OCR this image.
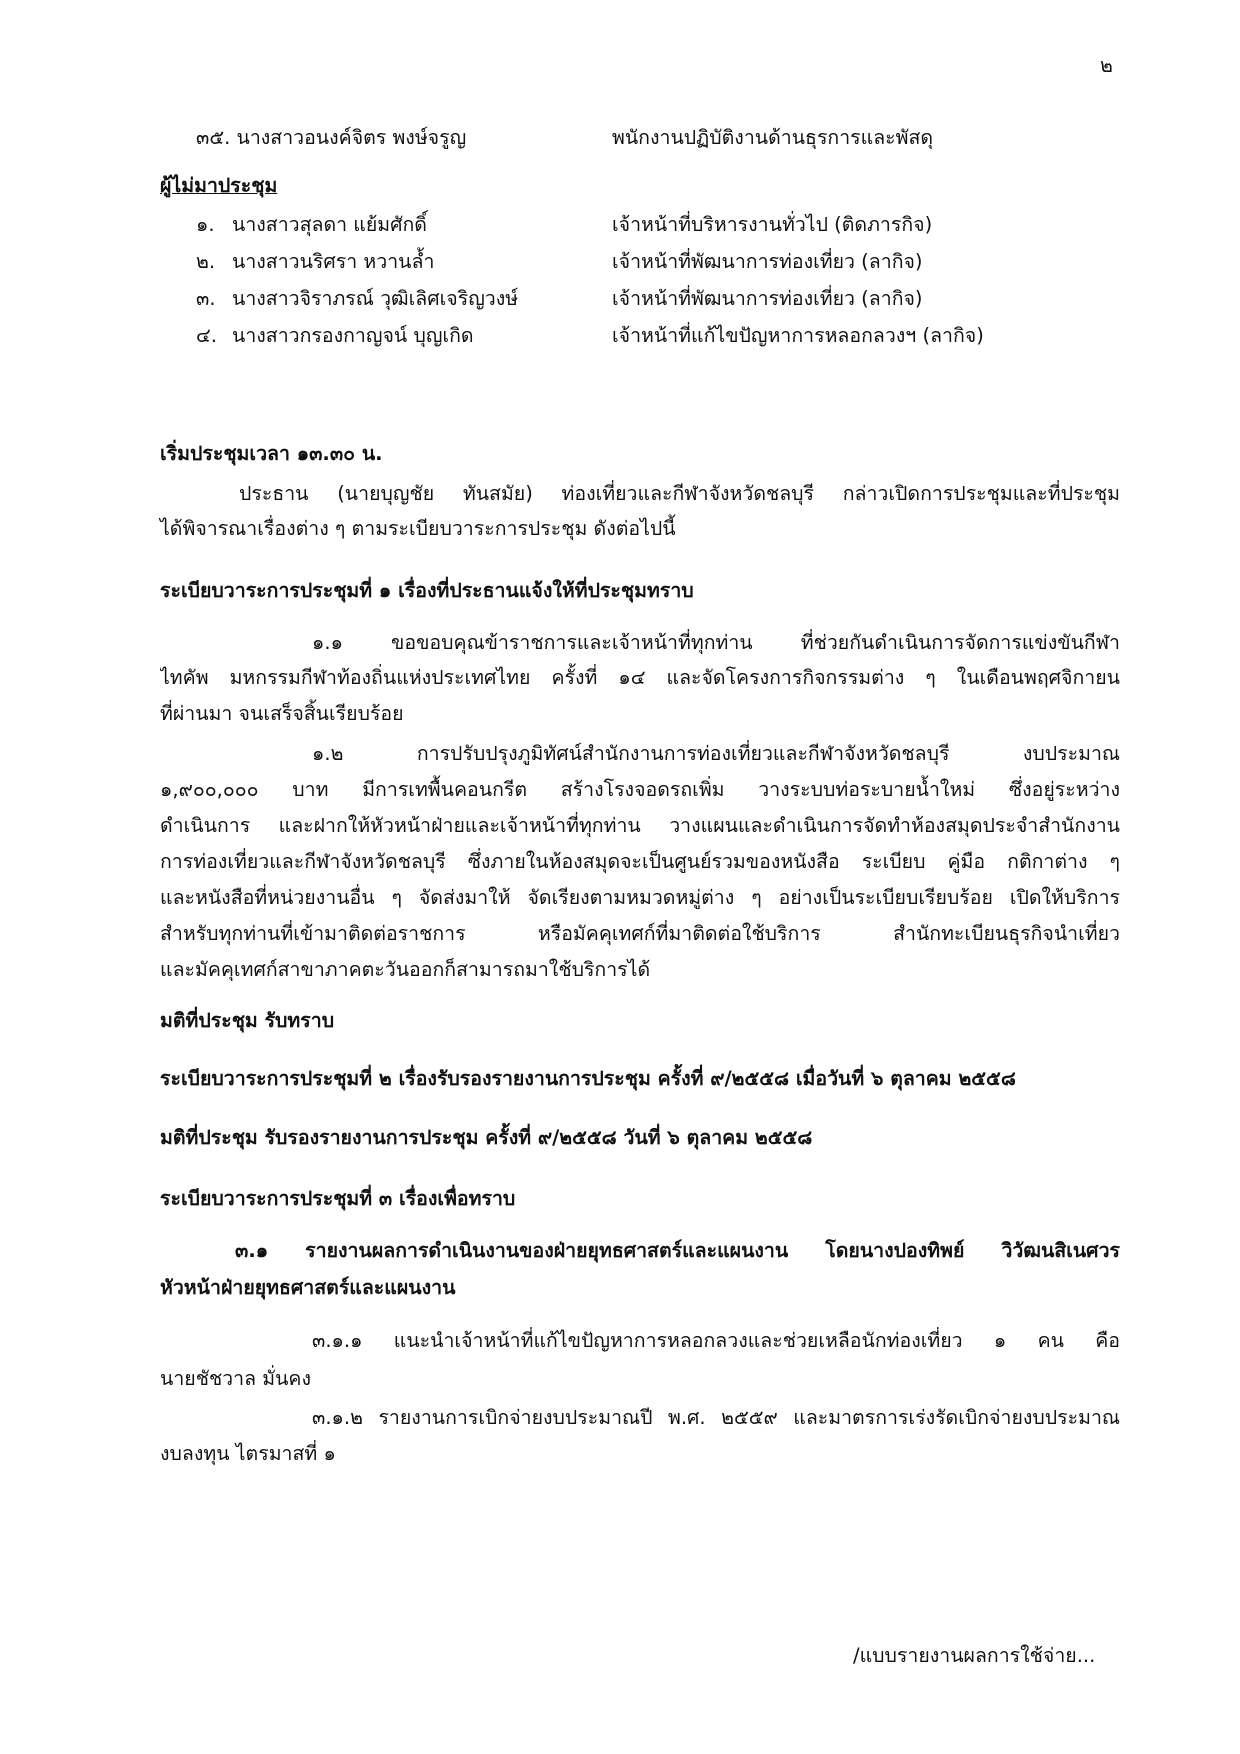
๒
๓๕. นางสาวอนงค์จิตร พงษ์จรูญ	พนักงานปฏิบัติงานด้านธุรการและพัสดุ
ผู้ไม่มาประชุม
๑. นางสาวสุลดา แย้มศักดิ์	เจ้าหน้าที่บริหารงานทั่วไป (ติดภารกิจ)
๒. นางสาวนริศรา หวานล้ำ	เจ้าหน้าที่พัฒนาการท่องเที่ยว (ลากิจ)
๓. นางสาวจิราภรณ์ วุฒิเลิศเจริญวงษ์	เจ้าหน้าที่พัฒนาการท่องเที่ยว (ลากิจ)
๔. นางสาวกรองกาญจน์ บุญเกิด	เจ้าหน้าที่แก้ไขปัญหาการหลอกลวงฯ (ลากิจ)
เริ่มประชุมเวลา ๑๓.๓๐ น.
ประธาน (นายบุญชัย ทันสมัย) ท่องเที่ยวและกีฬาจังหวัดชลบุรี กล่าวเปิดการประชุมและที่ประชุม
ได้พิจารณาเรื่องต่าง ๆ ตามระเบียบวาระการประชุม ดังต่อไปนี้
ระเบียบวาระการประชุมที่ ๑ เรื่องที่ประธานแจ้งให้ที่ประชุมทราบ
๑.๑ ขอขอบคุณข้าราชการและเจ้าหน้าที่ทุกท่าน ที่ช่วยกันดำเนินการจัดการแข่งขันกีฬา
ไทคัพ มหกรรมกีฬาท้องถิ่นแห่งประเทศไทย ครั้งที่ ๑๔ และจัดโครงการกิจกรรมต่าง ๆ ในเดือนพฤศจิกายน
ที่ผ่านมา จนเสร็จสิ้นเรียบร้อย
๑.๒ การปรับปรุงภูมิทัศน์สำนักงานการท่องเที่ยวและกีฬาจังหวัดชลบุรี งบประมาณ
๑,๙๐๐,๐๐๐ บาท มีการเทพื้นคอนกรีต สร้างโรงจอดรถเพิ่ม วางระบบท่อระบายน้ำใหม่ ซึ่งอยู่ระหว่าง
ดำเนินการ และฝากให้หัวหน้าฝ่ายและเจ้าหน้าที่ทุกท่าน วางแผนและดำเนินการจัดทำห้องสมุดประจำสำนักงาน
การท่องเที่ยวและกีฬาจังหวัดชลบุรี ซึ่งภายในห้องสมุดจะเป็นศูนย์รวมของหนังสือ ระเบียบ คู่มือ กติกาต่าง ๆ
และหนังสือที่หน่วยงานอื่น ๆ จัดส่งมาให้ จัดเรียงตามหมวดหมู่ต่าง ๆ อย่างเป็นระเบียบเรียบร้อย เปิดให้บริการ
สำหรับทุกท่านที่เข้ามาติดต่อราชการ หรือมัคคุเทศก์ที่มาติดต่อใช้บริการ สำนักทะเบียนธุรกิจนำเที่ยว
และมัคคุเทศก์สาขาภาคตะวันออกก็สามารถมาใช้บริการได้
มติที่ประชุม รับทราบ
ระเบียบวาระการประชุมที่ ๒ เรื่องรับรองรายงานการประชุม ครั้งที่ ๙/๒๕๕๘ เมื่อวันที่ ๖ ตุลาคม ๒๕๕๘
มติที่ประชุม รับรองรายงานการประชุม ครั้งที่ ๙/๒๕๕๘ วันที่ ๖ ตุลาคม ๒๕๕๘
ระเบียบวาระการประชุมที่ ๓ เรื่องเพื่อทราบ
๓.๑ รายงานผลการดำเนินงานของฝ่ายยุทธศาสตร์และแผนงาน โดยนางปองทิพย์ วิวัฒนสิเนศวร
หัวหน้าฝ่ายยุทธศาสตร์และแผนงาน
๓.๑.๑ แนะนำเจ้าหน้าที่แก้ไขปัญหาการหลอกลวงและช่วยเหลือนักท่องเที่ยว ๑ คน คือ
นายชัชวาล มั่นคง
๓.๑.๒ รายงานการเบิกจ่ายงบประมาณปี พ.ศ. ๒๕๕๙ และมาตรการเร่งรัดเบิกจ่ายงบประมาณ
งบลงทุน ไตรมาสที่ ๑
/แบบรายงานผลการใช้จ่าย...
